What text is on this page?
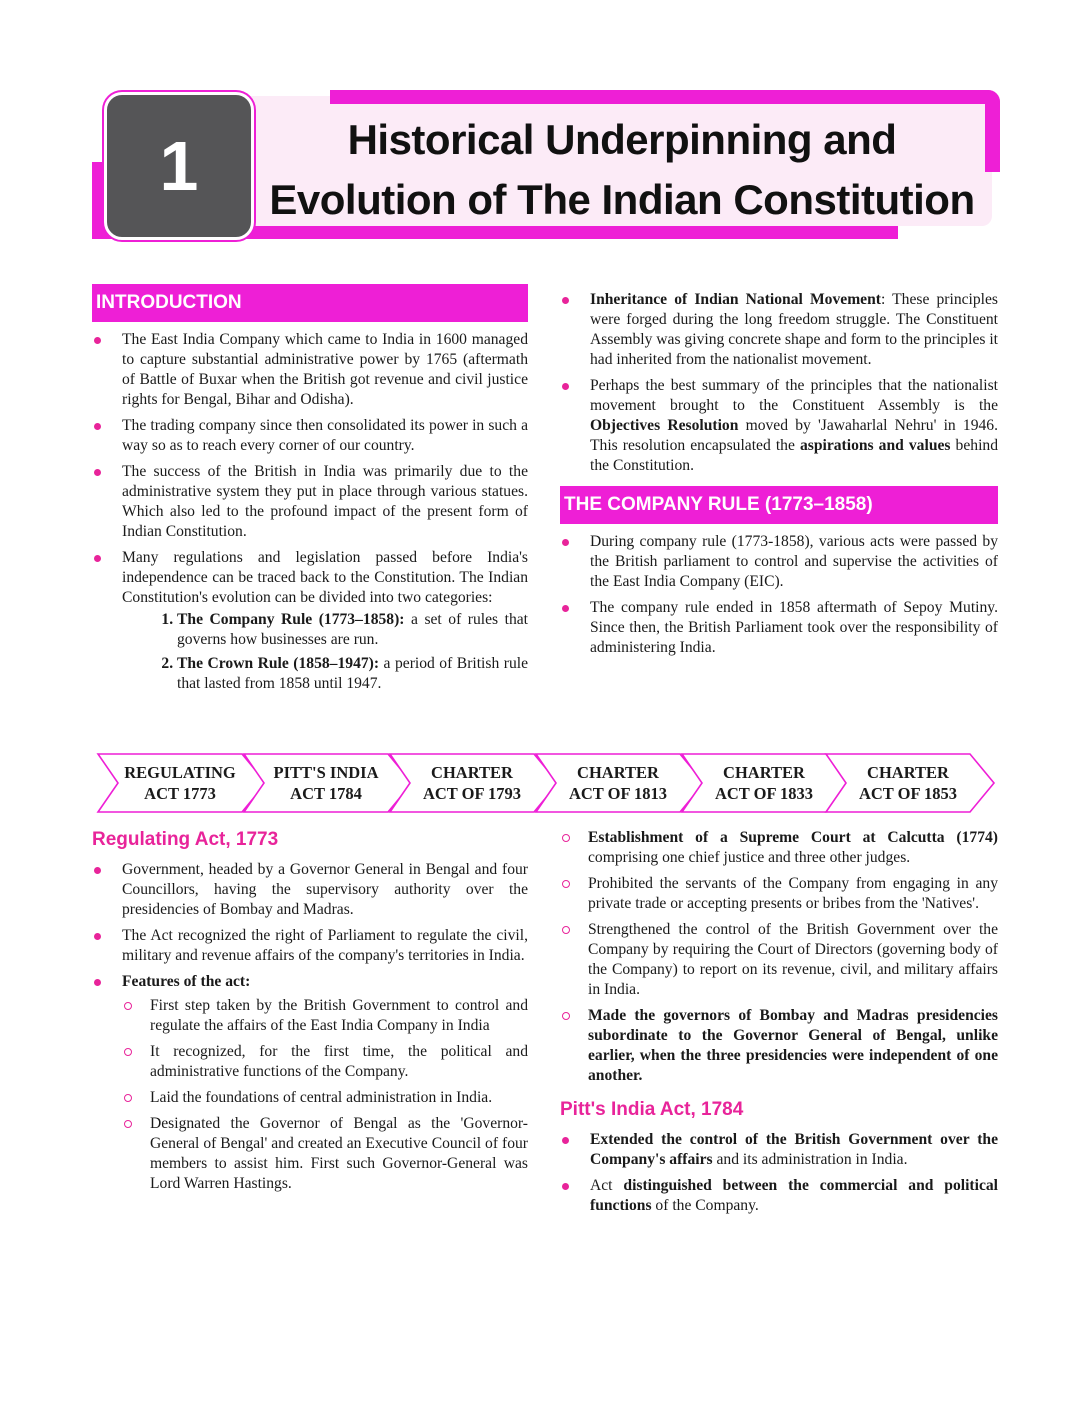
1	Historical Underpinning and
Evolution of The Indian Constitution
INTRODUCTION
The East India Company which came to India in 1600 managed to capture substantial administrative power by 1765 (aftermath of Battle of Buxar when the British got revenue and civil justice rights for Bengal, Bihar and Odisha).
The trading company since then consolidated its power in such a way so as to reach every corner of our country.
The success of the British in India was primarily due to the administrative system they put in place through various statues. Which also led to the profound impact of the present form of Indian Constitution.
Many regulations and legislation passed before India's independence can be traced back to the Constitution. The Indian Constitution's evolution can be divided into two categories:
1. The Company Rule (1773–1858): a set of rules that governs how businesses are run.
2. The Crown Rule (1858–1947): a period of British rule that lasted from 1858 until 1947.
Inheritance of Indian National Movement: These principles were forged during the long freedom struggle. The Constituent Assembly was giving concrete shape and form to the principles it had inherited from the nationalist movement.
Perhaps the best summary of the principles that the nationalist movement brought to the Constituent Assembly is the Objectives Resolution moved by 'Jawaharlal Nehru' in 1946. This resolution encapsulated the aspirations and values behind the Constitution.
THE COMPANY RULE (1773–1858)
During company rule (1773-1858), various acts were passed by the British parliament to control and supervise the activities of the East India Company (EIC).
The company rule ended in 1858 aftermath of Sepoy Mutiny. Since then, the British Parliament took over the responsibility of administering India.
REGULATING
ACT 1773
PITT'S INDIA
ACT 1784
CHARTER
ACT OF 1793
CHARTER
ACT OF 1813
CHARTER
ACT OF 1833
CHARTER
ACT OF 1853
Regulating Act, 1773
Government, headed by a Governor General in Bengal and four Councillors, having the supervisory authority over the presidencies of Bombay and Madras.
The Act recognized the right of Parliament to regulate the civil, military and revenue affairs of the company's territories in India.
Features of the act:
First step taken by the British Government to control and regulate the affairs of the East India Company in India
It recognized, for the first time, the political and administrative functions of the Company.
Laid the foundations of central administration in India.
Designated the Governor of Bengal as the 'Governor-General of Bengal' and created an Executive Council of four members to assist him. First such Governor-General was Lord Warren Hastings.
Establishment of a Supreme Court at Calcutta (1774) comprising one chief justice and three other judges.
Prohibited the servants of the Company from engaging in any private trade or accepting presents or bribes from the 'Natives'.
Strengthened the control of the British Government over the Company by requiring the Court of Directors (governing body of the Company) to report on its revenue, civil, and military affairs in India.
Made the governors of Bombay and Madras presidencies subordinate to the Governor General of Bengal, unlike earlier, when the three presidencies were independent of one another.
Pitt's India Act, 1784
Extended the control of the British Government over the Company's affairs and its administration in India.
Act distinguished between the commercial and political functions of the Company.
